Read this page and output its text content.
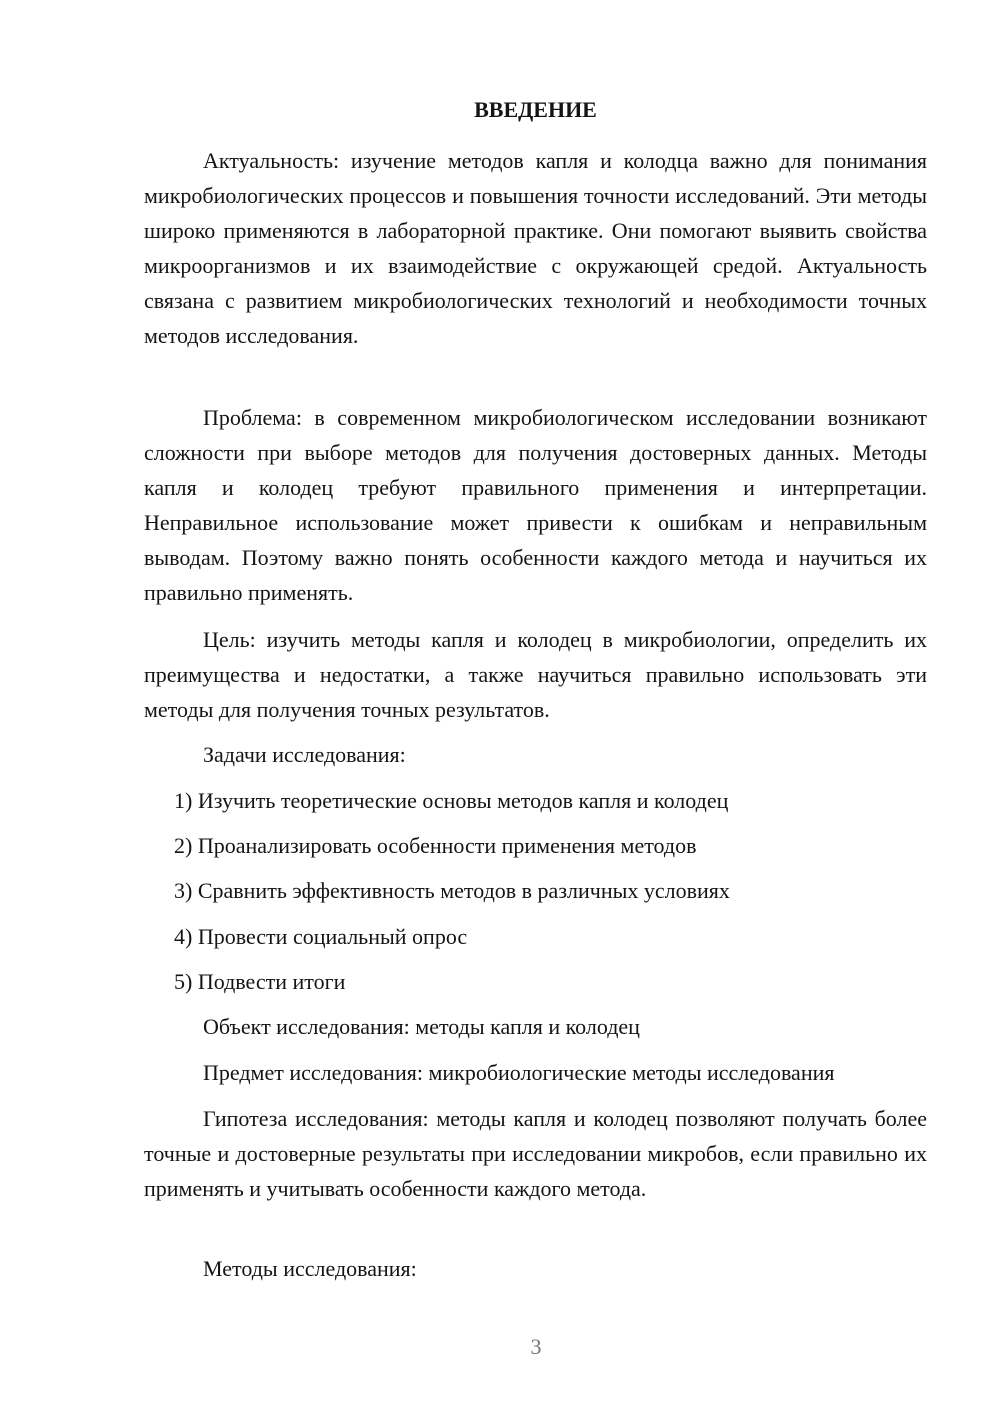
ВВЕДЕНИЕ

Актуальность: изучение методов капля и колодца важно для понимания микробиологических процессов и повышения точности исследований. Эти методы широко применяются в лабораторной практике. Они помогают выявить свойства микроорганизмов и их взаимодействие с окружающей средой. Актуальность связана с развитием микробиологических технологий и необходимости точных методов исследования.

Проблема: в современном микробиологическом исследовании возникают сложности при выборе методов для получения достоверных данных. Методы капля и колодец требуют правильного применения и интерпретации. Неправильное использование может привести к ошибкам и неправильным выводам. Поэтому важно понять особенности каждого метода и научиться их правильно применять.

Цель: изучить методы капля и колодец в микробиологии, определить их преимущества и недостатки, а также научиться правильно использовать эти методы для получения точных результатов.

Задачи исследования:

1) Изучить теоретические основы методов капля и колодец

2) Проанализировать особенности применения методов

3) Сравнить эффективность методов в различных условиях

4) Провести социальный опрос

5) Подвести итоги

Объект исследования: методы капля и колодец

Предмет исследования: микробиологические методы исследования

Гипотеза исследования: методы капля и колодец позволяют получать более точные и достоверные результаты при исследовании микробов, если правильно их применять и учитывать особенности каждого метода.

Методы исследования:

3
